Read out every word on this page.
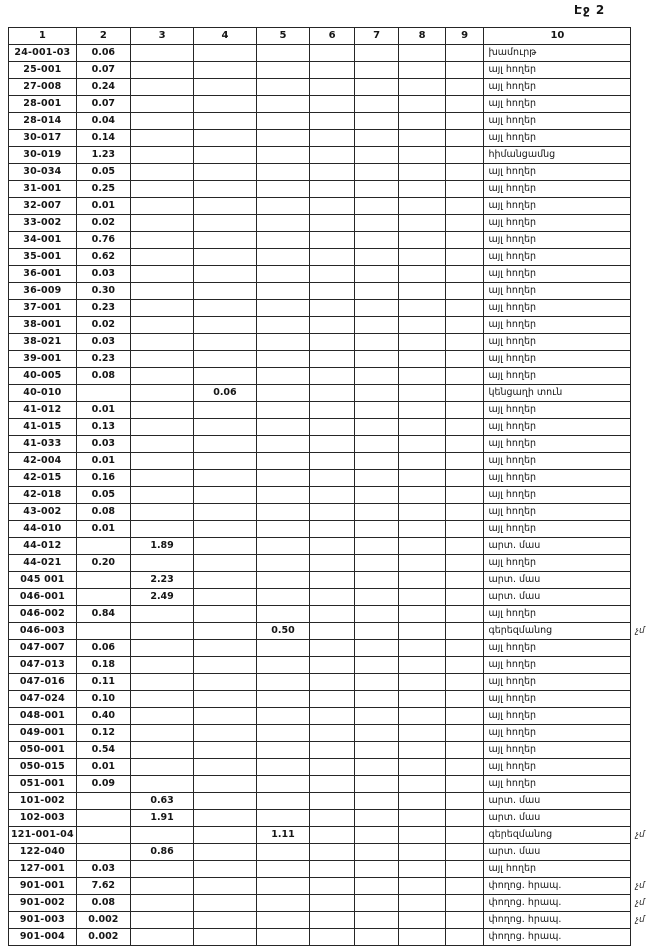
Էջ 2
1	2	3	4	5	6	7	8	9	10	
24-001-03	0.06								խամուրթ	
25-001	0.07								այլ հողեր	
27-008	0.24								այլ հողեր	
28-001	0.07								այլ հողեր	
28-014	0.04								այլ հողեր	
30-017	0.14								այլ հողեր	
30-019	1.23								հիմանցամնց	
30-034	0.05								այլ հողեր	
31-001	0.25								այլ հողեր	
32-007	0.01								այլ հողեր	
33-002	0.02								այլ հողեր	
34-001	0.76								այլ հողեր	
35-001	0.62								այլ հողեր	
36-001	0.03								այլ հողեր	
36-009	0.30								այլ հողեր	
37-001	0.23								այլ հողեր	
38-001	0.02								այլ հողեր	
38-021	0.03								այլ հողեր	
39-001	0.23								այլ հողեր	
40-005	0.08								այլ հողեր	
40-010			0.06						կենցաղի տուն	
41-012	0.01								այլ հողեր	
41-015	0.13								այլ հողեր	
41-033	0.03								այլ հողեր	
42-004	0.01								այլ հողեր	
42-015	0.16								այլ հողեր	
42-018	0.05								այլ հողեր	
43-002	0.08								այլ հողեր	
44-010	0.01								այլ հողեր	
44-012		1.89							արտ. մաս	
44-021	0.20								այլ հողեր	
045 001		2.23							արտ. մաս	
046-001		2.49							արտ. մաս	
046-002	0.84								այլ հողեր	
046-003				0.50					գերեզմանոց	չմ
047-007	0.06								այլ հողեր	
047-013	0.18								այլ հողեր	
047-016	0.11								այլ հողեր	
047-024	0.10								այլ հողեր	
048-001	0.40								այլ հողեր	
049-001	0.12								այլ հողեր	
050-001	0.54								այլ հողեր	
050-015	0.01								այլ հողեր	
051-001	0.09								այլ հողեր	
101-002		0.63							արտ. մաս	
102-003		1.91							արտ. մաս	
121-001-04				1.11					գերեզմանոց	չմ
122-040		0.86							արտ. մաս	
127-001	0.03								այլ հողեր	
901-001	7.62								փողոց. հրապ.	չմ
901-002	0.08								փողոց. հրապ.	չմ
901-003	0.002								փողոց. հրապ.	չմ
901-004	0.002								փողոց. հրապ.	
